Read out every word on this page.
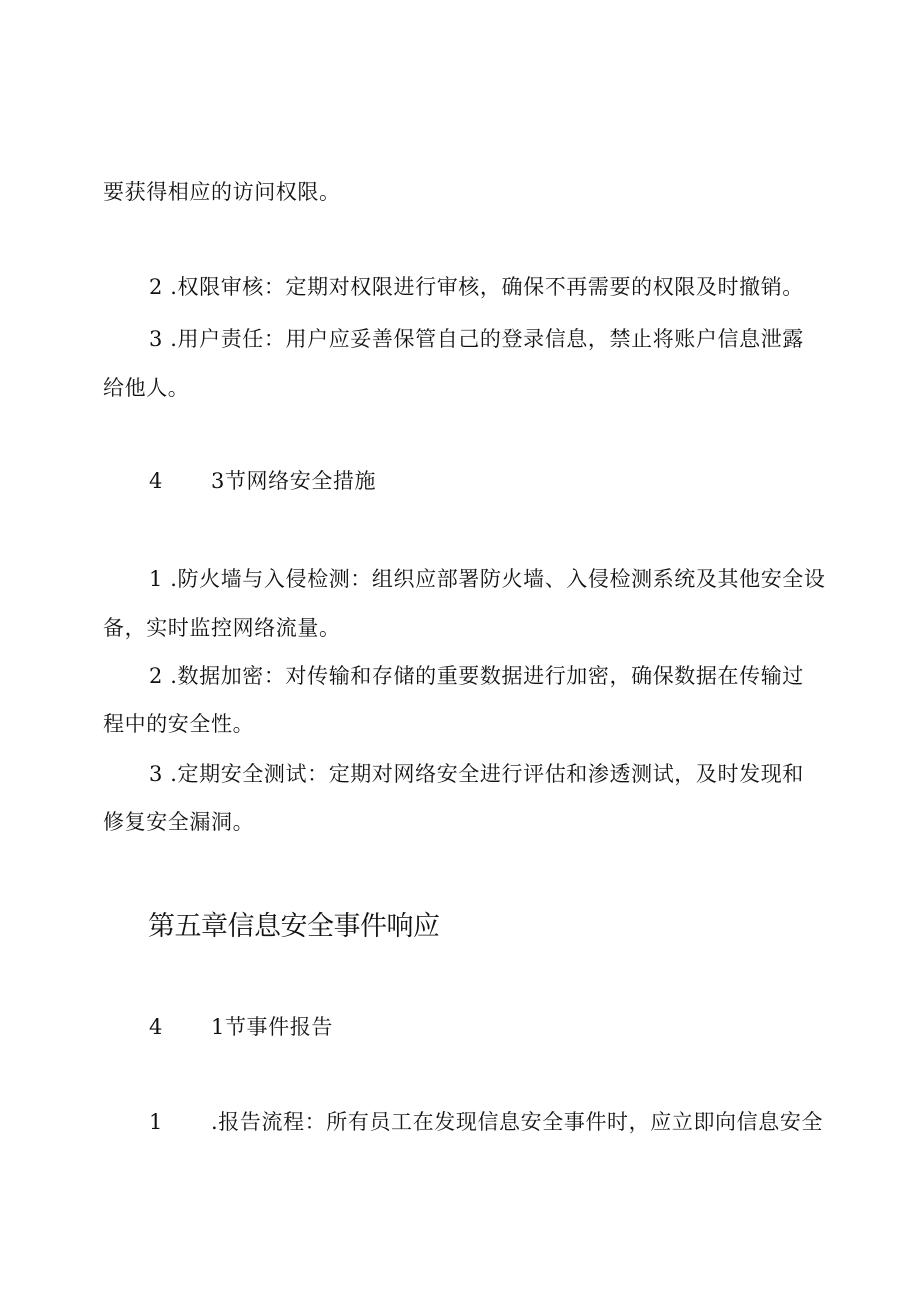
要获得相应的访问权限。
2 .权限审核：定期对权限进行审核，确保不再需要的权限及时撤销。
3 .用户责任：用户应妥善保管自己的登录信息，禁止将账户信息泄露
给他人。
4 3节网络安全措施
1 .防火墙与入侵检测：组织应部署防火墙、入侵检测系统及其他安全设
备，实时监控网络流量。
2 .数据加密：对传输和存储的重要数据进行加密，确保数据在传输过
程中的安全性。
3 .定期安全测试：定期对网络安全进行评估和渗透测试，及时发现和
修复安全漏洞。
第五章信息安全事件响应
4 1节事件报告
1 .报告流程：所有员工在发现信息安全事件时，应立即向信息安全
